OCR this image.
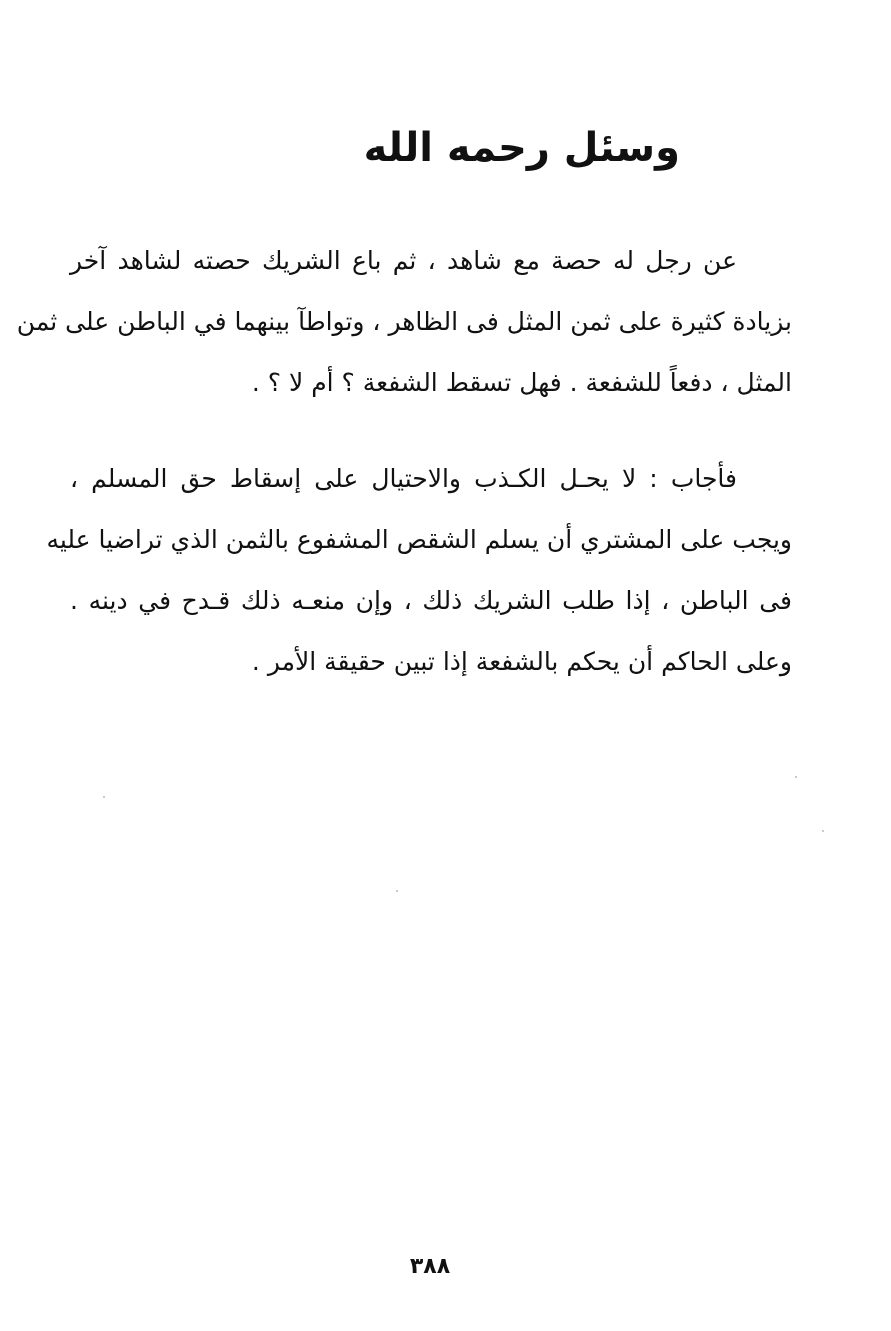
وسئل رحمه الله
عن رجل له حصة مع شاهد ، ثم باع الشريك حصته لشاهد آخر
بزيادة كثيرة على ثمن المثل فى الظاهر ، وتواطآ بينهما في الباطن على ثمن
المثل ، دفعاً للشفعة . فهل تسقط الشفعة ؟ أم لا ؟ .
فأجاب : لا يحـل الكـذب والاحتيال على إسقاط حق المسلم ،
ويجب على المشتري أن يسلم الشقص المشفوع بالثمن الذي تراضيا عليه
فى الباطن ، إذا طلب الشريك ذلك ، وإن منعـه ذلك قـدح في دينه .
وعلى الحاكم أن يحكم بالشفعة إذا تبين حقيقة الأمر .
٣٨٨
